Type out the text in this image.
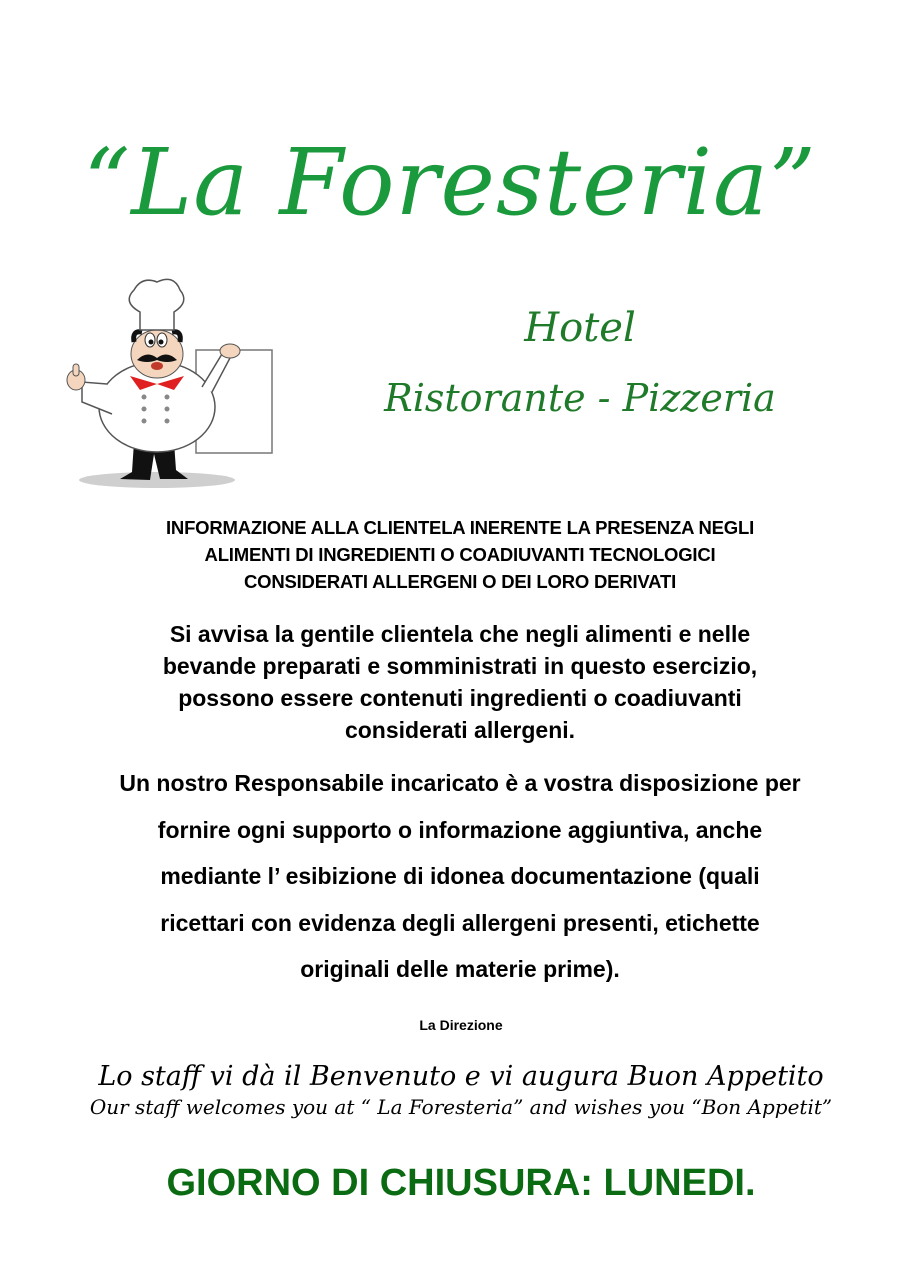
“La Foresteria”
Hotel
Ristorante - Pizzeria
INFORMAZIONE ALLA CLIENTELA INERENTE LA PRESENZA NEGLI
ALIMENTI DI INGREDIENTI O COADIUVANTI TECNOLOGICI
CONSIDERATI ALLERGENI O DEI LORO DERIVATI
Si avvisa la gentile clientela che negli alimenti e nelle
bevande preparati e somministrati in questo esercizio,
possono essere contenuti ingredienti o coadiuvanti
considerati allergeni.
Un nostro Responsabile incaricato è a vostra disposizione per
fornire ogni supporto o informazione aggiuntiva, anche
mediante l’ esibizione di idonea documentazione (quali
ricettari con evidenza degli allergeni presenti, etichette
originali delle materie prime).
La Direzione
Lo staff vi dà il Benvenuto e vi augura Buon Appetito
Our staff welcomes you at “ La Foresteria” and wishes you “Bon Appetit”
GIORNO DI CHIUSURA: LUNEDI.
